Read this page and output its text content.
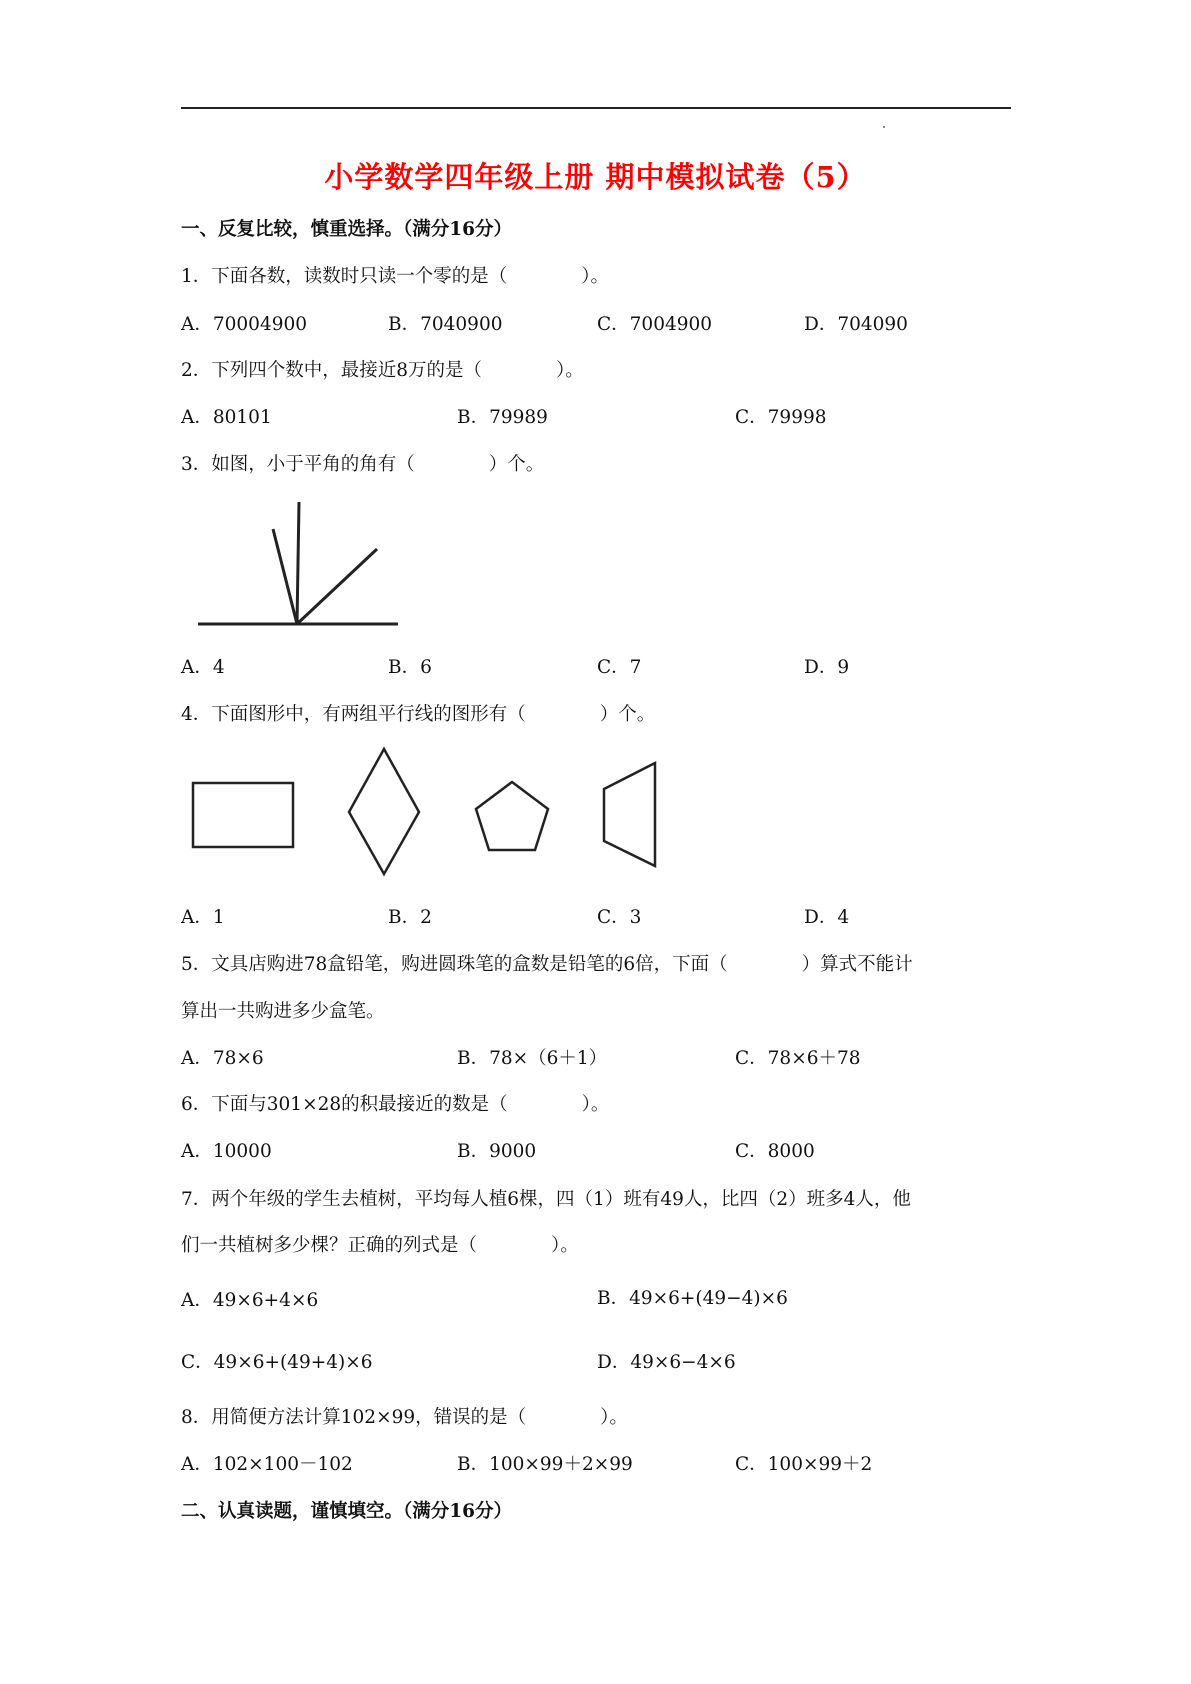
小学数学四年级上册 期中模拟试卷（5）
一、反复比较，慎重选择。（满分16分）
1．下面各数，读数时只读一个零的是（　　　　）。
A．70004900	B．7040900	C．7004900	D．704090
2．下列四个数中，最接近8万的是（　　　　）。
A．80101	B．79989	C．79998
3．如图，小于平角的角有（　　　　）个。
A．4	B．6	C．7	D．9
4．下面图形中，有两组平行线的图形有（　　　　）个。
A．1	B．2	C．3	D．4
5．文具店购进78盒铅笔，购进圆珠笔的盒数是铅笔的6倍，下面（　　　　）算式不能计
算出一共购进多少盒笔。
A．78×6	B．78×（6＋1）	C．78×6＋78
6．下面与301×28的积最接近的数是（　　　　）。
A．10000	B．9000	C．8000
7．两个年级的学生去植树，平均每人植6棵，四（1）班有49人，比四（2）班多4人，他
们一共植树多少棵？正确的列式是（　　　　）。
A．49×6+4×6	B．49×6+(49−4)×6
C．49×6+(49+4)×6	D．49×6−4×6
8．用简便方法计算102×99，错误的是（　　　　）。
A．102×100－102	B．100×99＋2×99	C．100×99＋2
二、认真读题，谨慎填空。（满分16分）
